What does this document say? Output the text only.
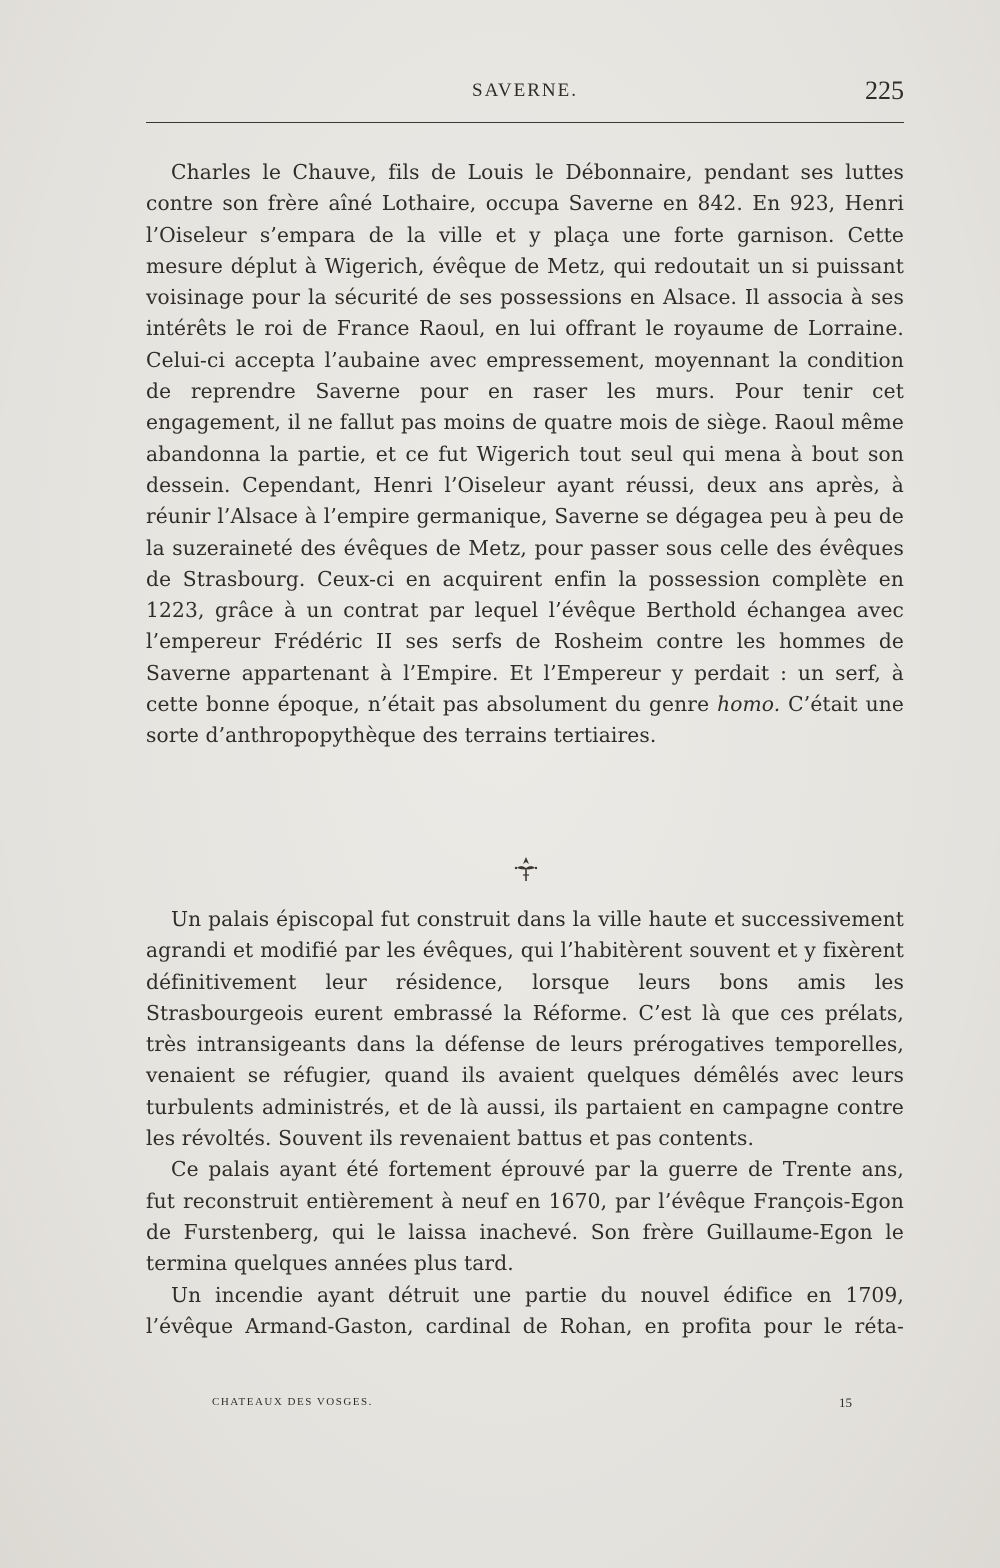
SAVERNE.	225

Charles le Chauve, fils de Louis le Débonnaire, pendant ses luttes contre son frère aîné Lothaire, occupa Saverne en 842. En 923, Henri l’Oiseleur s’empara de la ville et y plaça une forte garnison. Cette mesure déplut à Wigerich, évêque de Metz, qui redoutait un si puissant voisinage pour la sécurité de ses possessions en Alsace. Il associa à ses intérêts le roi de France Raoul, en lui offrant le royaume de Lorraine. Celui-ci accepta l’aubaine avec empressement, moyennant la condition de reprendre Saverne pour en raser les murs. Pour tenir cet engagement, il ne fallut pas moins de quatre mois de siège. Raoul même abandonna la partie, et ce fut Wigerich tout seul qui mena à bout son dessein. Cependant, Henri l’Oiseleur ayant réussi, deux ans après, à réunir l’Alsace à l’empire germanique, Saverne se dégagea peu à peu de la suzeraineté des évêques de Metz, pour passer sous celle des évêques de Strasbourg. Ceux-ci en acquirent enfin la possession complète en 1223, grâce à un contrat par lequel l’évêque Berthold échangea avec l’empereur Frédéric II ses serfs de Rosheim contre les hommes de Saverne appartenant à l’Empire. Et l’Empereur y perdait : un serf, à cette bonne époque, n’était pas absolument du genre homo. C’était une sorte d’anthropopythèque des terrains tertiaires.

Un palais épiscopal fut construit dans la ville haute et successivement agrandi et modifié par les évêques, qui l’habitèrent souvent et y fixèrent définitivement leur résidence, lorsque leurs bons amis les Strasbourgeois eurent embrassé la Réforme. C’est là que ces prélats, très intransigeants dans la défense de leurs prérogatives temporelles, venaient se réfugier, quand ils avaient quelques démêlés avec leurs turbulents administrés, et de là aussi, ils partaient en campagne contre les révoltés. Souvent ils revenaient battus et pas contents.

Ce palais ayant été fortement éprouvé par la guerre de Trente ans, fut reconstruit entièrement à neuf en 1670, par l’évêque François-Egon de Furstenberg, qui le laissa inachevé. Son frère Guillaume-Egon le termina quelques années plus tard.

Un incendie ayant détruit une partie du nouvel édifice en 1709, l’évêque Armand-Gaston, cardinal de Rohan, en profita pour le réta-

CHATEAUX DES VOSGES.	15
